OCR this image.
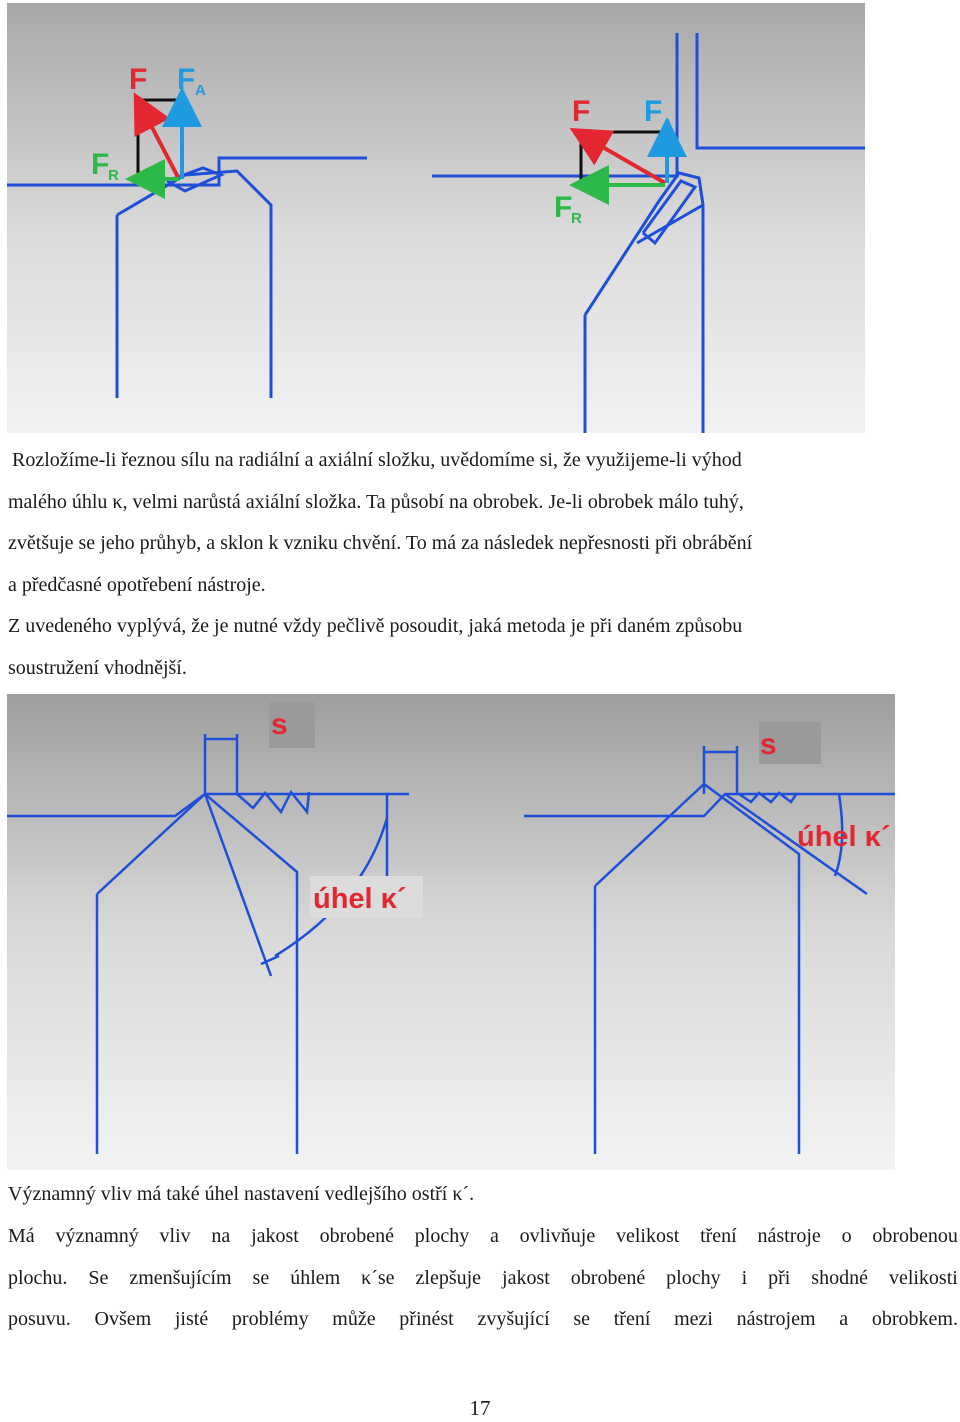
F F A
F
R
F F A
F
R
Rozložíme-li řeznou sílu na radiální a axiální složku, uvědomíme si, že využijeme-li výhod
malého úhlu κ, velmi narůstá axiální složka. Ta působí na obrobek. Je-li obrobek málo tuhý,
zvětšuje se jeho průhyb, a sklon k vzniku chvění. To má za následek nepřesnosti při obrábění
a předčasné opotřebení nástroje.
Z uvedeného vyplývá, že je nutné vždy pečlivě posoudit, jaká metoda je při daném způsobu
soustružení vhodnější.
s
úhel κ´
s
úhel κ´
Významný vliv má také úhel nastavení vedlejšího ostří κ´.
Má významný vliv na jakost obrobené plochy a ovlivňuje velikost tření nástroje o obrobenou
plochu. Se zmenšujícím se úhlem κ´se zlepšuje jakost obrobené plochy i při shodné velikosti
posuvu. Ovšem jisté problémy může přinést zvyšující se tření mezi nástrojem a obrobkem.
17
